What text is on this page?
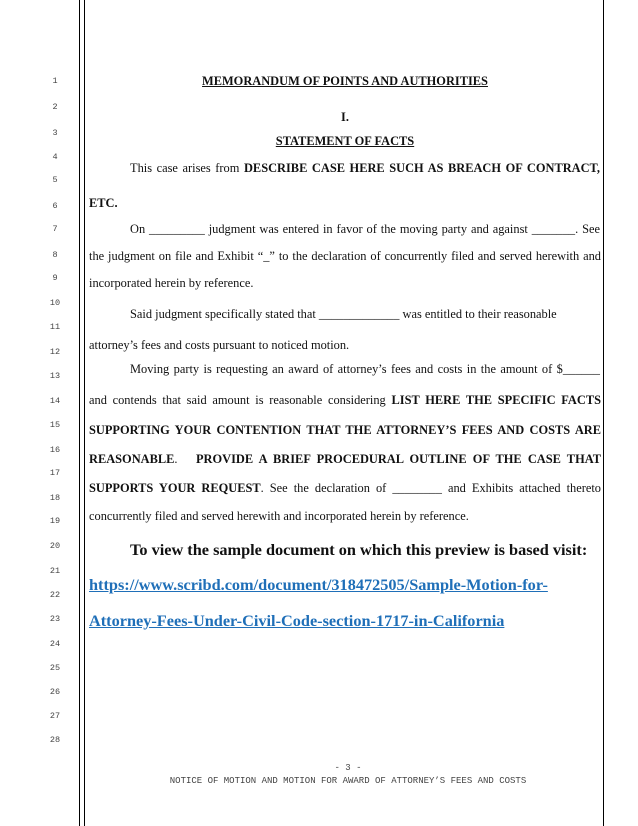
1
2
3
4
5
6
7
8
9
10
11
12
13
14
15
16
17
18
19
20
21
22
23
24
25
26
27
28
MEMORANDUM OF POINTS AND AUTHORITIES
I.
STATEMENT OF FACTS
This case arises from DESCRIBE CASE HERE SUCH AS BREACH OF CONTRACT,
ETC.
On _________ judgment was entered in favor of the moving party and against _______. See
the judgment on file and Exhibit “_” to the declaration of concurrently filed and served herewith and
incorporated herein by reference.
Said judgment specifically stated that _____________ was entitled to their reasonable
attorney’s fees and costs pursuant to noticed motion.
Moving party is requesting an award of attorney’s fees and costs in the amount of $______
and contends that said amount is reasonable considering LIST HERE THE SPECIFIC FACTS
SUPPORTING YOUR CONTENTION THAT THE ATTORNEY’S FEES AND COSTS ARE
REASONABLE.   PROVIDE A BRIEF PROCEDURAL OUTLINE OF THE CASE THAT
SUPPORTS YOUR REQUEST. See the declaration of ________ and Exhibits attached thereto
concurrently filed and served herewith and incorporated herein by reference.
To view the sample document on which this preview is based visit:
https://www.scribd.com/document/318472505/Sample-Motion-for-
Attorney-Fees-Under-Civil-Code-section-1717-in-California
- 3 -
NOTICE OF MOTION AND MOTION FOR AWARD OF ATTORNEY’S FEES AND COSTS
